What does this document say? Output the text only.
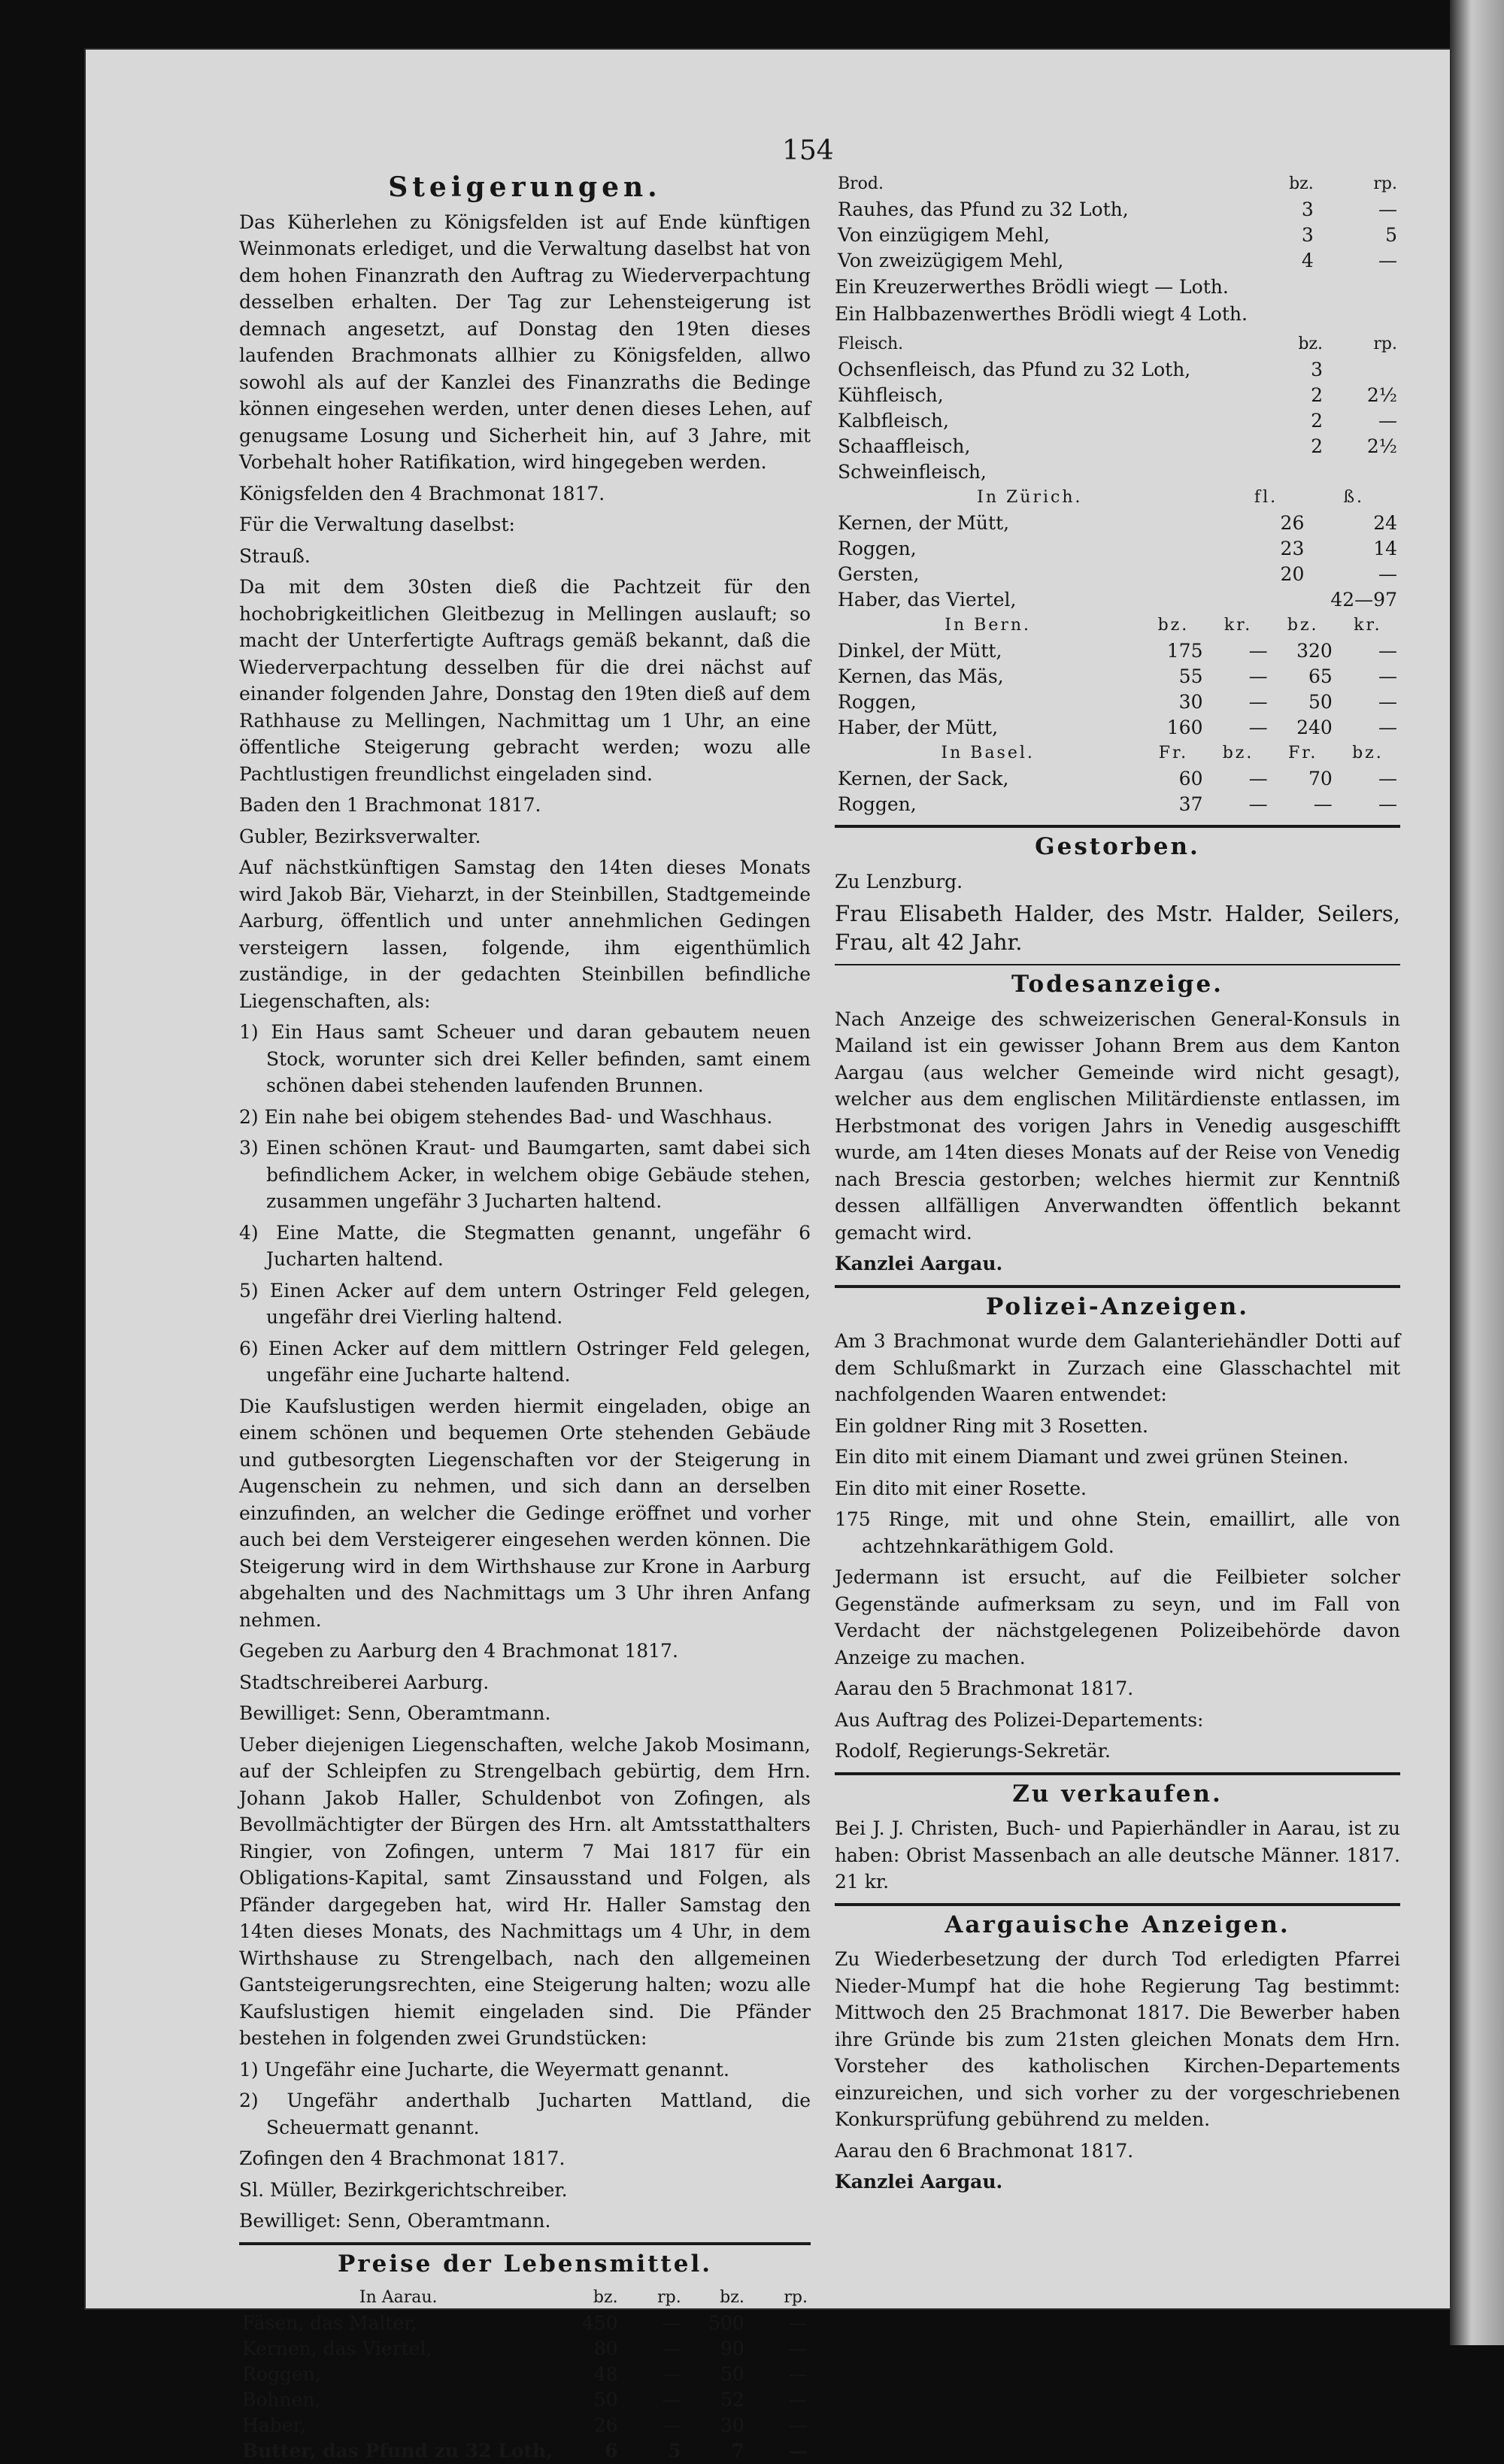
154
Steigerungen.

Das Küherlehen zu Königsfelden ist auf Ende künftigen Weinmonats erlediget, und die Verwaltung daselbst hat von dem hohen Finanzrath den Auftrag zu Wiederverpachtung desselben erhalten. Der Tag zur Lehensteigerung ist demnach angesetzt, auf Donstag den 19ten dieses laufenden Brachmonats allhier zu Königsfelden, allwo sowohl als auf der Kanzlei des Finanzraths die Bedinge können eingesehen werden, unter denen dieses Lehen, auf genugsame Losung und Sicherheit hin, auf 3 Jahre, mit Vorbehalt hoher Ratifikation, wird hingegeben werden.

Königsfelden den 4 Brachmonat 1817.

Für die Verwaltung daselbst:

Strauß.

Da mit dem 30sten dieß die Pachtzeit für den hochobrigkeitlichen Gleitbezug in Mellingen auslauft; so macht der Unterfertigte Auftrags gemäß bekannt, daß die Wiederverpachtung desselben für die drei nächst auf einander folgenden Jahre, Donstag den 19ten dieß auf dem Rathhause zu Mellingen, Nachmittag um 1 Uhr, an eine öffentliche Steigerung gebracht werden; wozu alle Pachtlustigen freundlichst eingeladen sind.

Baden den 1 Brachmonat 1817.

Gubler, Bezirksverwalter.

Auf nächstkünftigen Samstag den 14ten dieses Monats wird Jakob Bär, Vieharzt, in der Steinbillen, Stadtgemeinde Aarburg, öffentlich und unter annehmlichen Gedingen versteigern lassen, folgende, ihm eigenthümlich zuständige, in der gedachten Steinbillen befindliche Liegenschaften, als:

1) Ein Haus samt Scheuer und daran gebautem neuen Stock, worunter sich drei Keller befinden, samt einem schönen dabei stehenden laufenden Brunnen.

2) Ein nahe bei obigem stehendes Bad- und Waschhaus.

3) Einen schönen Kraut- und Baumgarten, samt dabei sich befindlichem Acker, in welchem obige Gebäude stehen, zusammen ungefähr 3 Jucharten haltend.

4) Eine Matte, die Stegmatten genannt, ungefähr 6 Jucharten haltend.

5) Einen Acker auf dem untern Ostringer Feld gelegen, ungefähr drei Vierling haltend.

6) Einen Acker auf dem mittlern Ostringer Feld gelegen, ungefähr eine Jucharte haltend.

Die Kaufslustigen werden hiermit eingeladen, obige an einem schönen und bequemen Orte stehenden Gebäude und gutbesorgten Liegenschaften vor der Steigerung in Augenschein zu nehmen, und sich dann an derselben einzufinden, an welcher die Gedinge eröffnet und vorher auch bei dem Versteigerer eingesehen werden können. Die Steigerung wird in dem Wirthshause zur Krone in Aarburg abgehalten und des Nachmittags um 3 Uhr ihren Anfang nehmen.

Gegeben zu Aarburg den 4 Brachmonat 1817.

Stadtschreiberei Aarburg.

Bewilliget: Senn, Oberamtmann.

Ueber diejenigen Liegenschaften, welche Jakob Mosimann, auf der Schleipfen zu Strengelbach gebürtig, dem Hrn. Johann Jakob Haller, Schuldenbot von Zofingen, als Bevollmächtigter der Bürgen des Hrn. alt Amtsstatthalters Ringier, von Zofingen, unterm 7 Mai 1817 für ein Obligations-Kapital, samt Zinsausstand und Folgen, als Pfänder dargegeben hat, wird Hr. Haller Samstag den 14ten dieses Monats, des Nachmittags um 4 Uhr, in dem Wirthshause zu Strengelbach, nach den allgemeinen Gantsteigerungsrechten, eine Steigerung halten; wozu alle Kaufslustigen hiemit eingeladen sind. Die Pfänder bestehen in folgenden zwei Grundstücken:

1) Ungefähr eine Jucharte, die Weyermatt genannt.

2) Ungefähr anderthalb Jucharten Mattland, die Scheuermatt genannt.

Zofingen den 4 Brachmonat 1817.

Sl. Müller, Bezirkgerichtschreiber.

Bewilliget: Senn, Oberamtmann.

Preise der Lebensmittel.
In Aarau.	bz.	rp.	bz.	rp.
Fäsen, das Malter,	450	—	500	—
Kernen, das Viertel,	80	—	90	—
Roggen,	48	—	50	—
Bohnen,	50	—	52	—
Haber,	26	—	30	—
Butter, das Pfund zu 32 Loth,	6	5	7	—
Brod.	bz.	rp.
Rauhes, das Pfund zu 32 Loth,	3	—
Von einzügigem Mehl,	3	5
Von zweizügigem Mehl,	4	—

Ein Kreuzerwerthes Brödli wiegt — Loth.

Ein Halbbazenwerthes Brödli wiegt 4 Loth.

Fleisch.	bz.	rp.
Ochsenfleisch, das Pfund zu 32 Loth,	3	
Kühfleisch,	2	2½
Kalbfleisch,	2	—
Schaaffleisch,	2	2½
Schweinfleisch,		
In Zürich.	fl.	ß.
Kernen, der Mütt,	26	24
Roggen,	23	14
Gersten,	20	—
Haber, das Viertel,		42—97
In Bern.	bz.	kr.	bz.	kr.
Dinkel, der Mütt,	175	—	320	—
Kernen, das Mäs,	55	—	65	—
Roggen,	30	—	50	—
Haber, der Mütt,	160	—	240	—
In Basel.	Fr.	bz.	Fr.	bz.
Kernen, der Sack,	60	—	70	—
Roggen,	37	—	—	—
Gestorben.

Zu Lenzburg.

Frau Elisabeth Halder, des Mstr. Halder, Seilers, Frau, alt 42 Jahr.

Todesanzeige.

Nach Anzeige des schweizerischen General-Konsuls in Mailand ist ein gewisser Johann Brem aus dem Kanton Aargau (aus welcher Gemeinde wird nicht gesagt), welcher aus dem englischen Militärdienste entlassen, im Herbstmonat des vorigen Jahrs in Venedig ausgeschifft wurde, am 14ten dieses Monats auf der Reise von Venedig nach Brescia gestorben; welches hiermit zur Kenntniß dessen allfälligen Anverwandten öffentlich bekannt gemacht wird.

Kanzlei Aargau.

Polizei-Anzeigen.

Am 3 Brachmonat wurde dem Galanteriehändler Dotti auf dem Schlußmarkt in Zurzach eine Glasschachtel mit nachfolgenden Waaren entwendet:

Ein goldner Ring mit 3 Rosetten.

Ein dito mit einem Diamant und zwei grünen Steinen.

Ein dito mit einer Rosette.

175 Ringe, mit und ohne Stein, emaillirt, alle von achtzehnkaräthigem Gold.

Jedermann ist ersucht, auf die Feilbieter solcher Gegenstände aufmerksam zu seyn, und im Fall von Verdacht der nächstgelegenen Polizeibehörde davon Anzeige zu machen.

Aarau den 5 Brachmonat 1817.

Aus Auftrag des Polizei-Departements:

Rodolf, Regierungs-Sekretär.

Zu verkaufen.

Bei J. J. Christen, Buch- und Papierhändler in Aarau, ist zu haben: Obrist Massenbach an alle deutsche Männer. 1817. 21 kr.

Aargauische Anzeigen.

Zu Wiederbesetzung der durch Tod erledigten Pfarrei Nieder-Mumpf hat die hohe Regierung Tag bestimmt: Mittwoch den 25 Brachmonat 1817. Die Bewerber haben ihre Gründe bis zum 21sten gleichen Monats dem Hrn. Vorsteher des katholischen Kirchen-Departements einzureichen, und sich vorher zu der vorgeschriebenen Konkursprüfung gebührend zu melden.

Aarau den 6 Brachmonat 1817.

Kanzlei Aargau.
